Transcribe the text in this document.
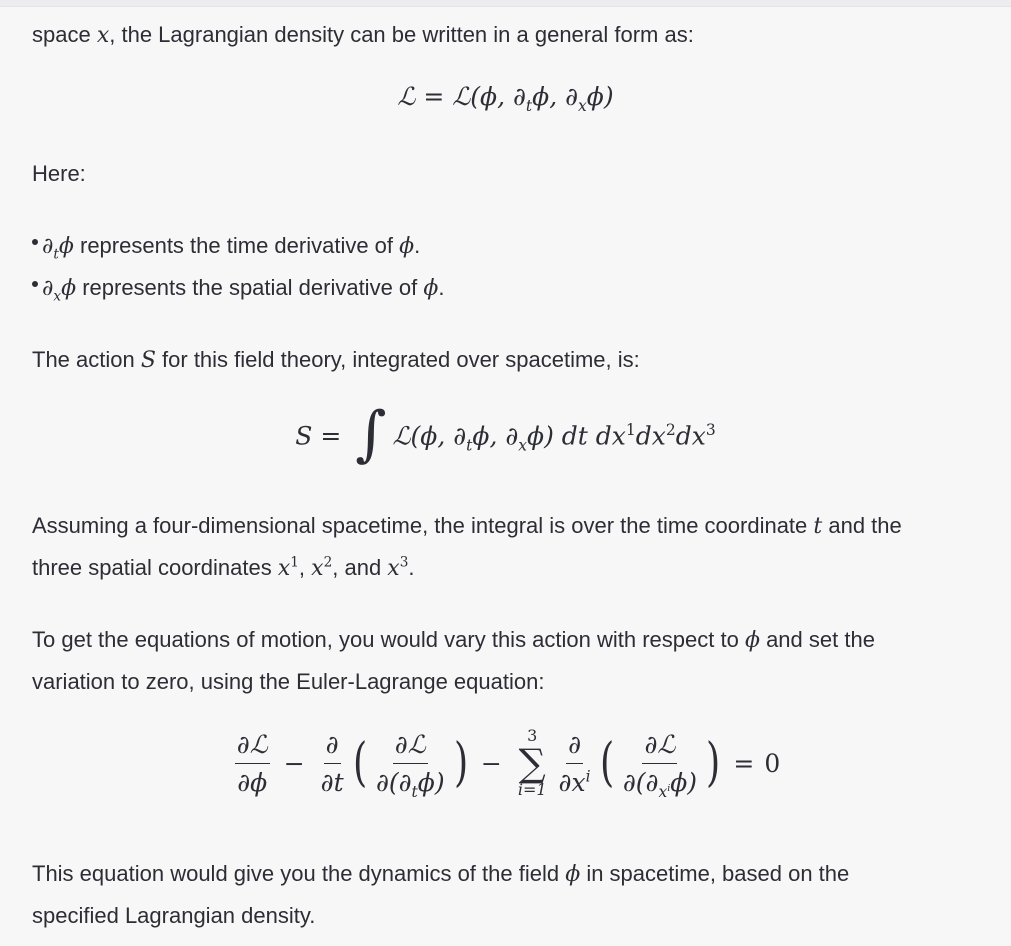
space x, the Lagrangian density can be written in a general form as:
ℒ = ℒ(ϕ, $\partial_t\phi$, $\partial_x\phi$)
Here:
$\partial_t\phi$ represents the time derivative of ϕ.
$\partial_x\phi$ represents the spatial derivative of ϕ.
The action S for this field theory, integrated over spacetime, is:
S = ∫ ℒ(ϕ, $\partial_t\phi$, $\partial_x\phi$) dt $dx^1dx^2dx^3$
Assuming a four-dimensional spacetime, the integral is over the time coordinate t and the
three spatial coordinates $x^1$, $x^2$, and $x^3$.
To get the equations of motion, you would vary this action with respect to ϕ and set the
variation to zero, using the Euler-Lagrange equation:
$\frac{\text{∂ℒ}}{\partial\phi} - \frac{\partial}{\partial t}$ ( $\frac{\text{∂ℒ}}{\partial(\partial_t\phi)}$ ) −
3
∑
$i=1 \frac{\partial}{\partial x^i}$ ( $\frac{\text{∂ℒ}}{\partial(\partial_{x^i}\phi)}$ ) = 0
This equation would give you the dynamics of the field ϕ in spacetime, based on the
specified Lagrangian density.
